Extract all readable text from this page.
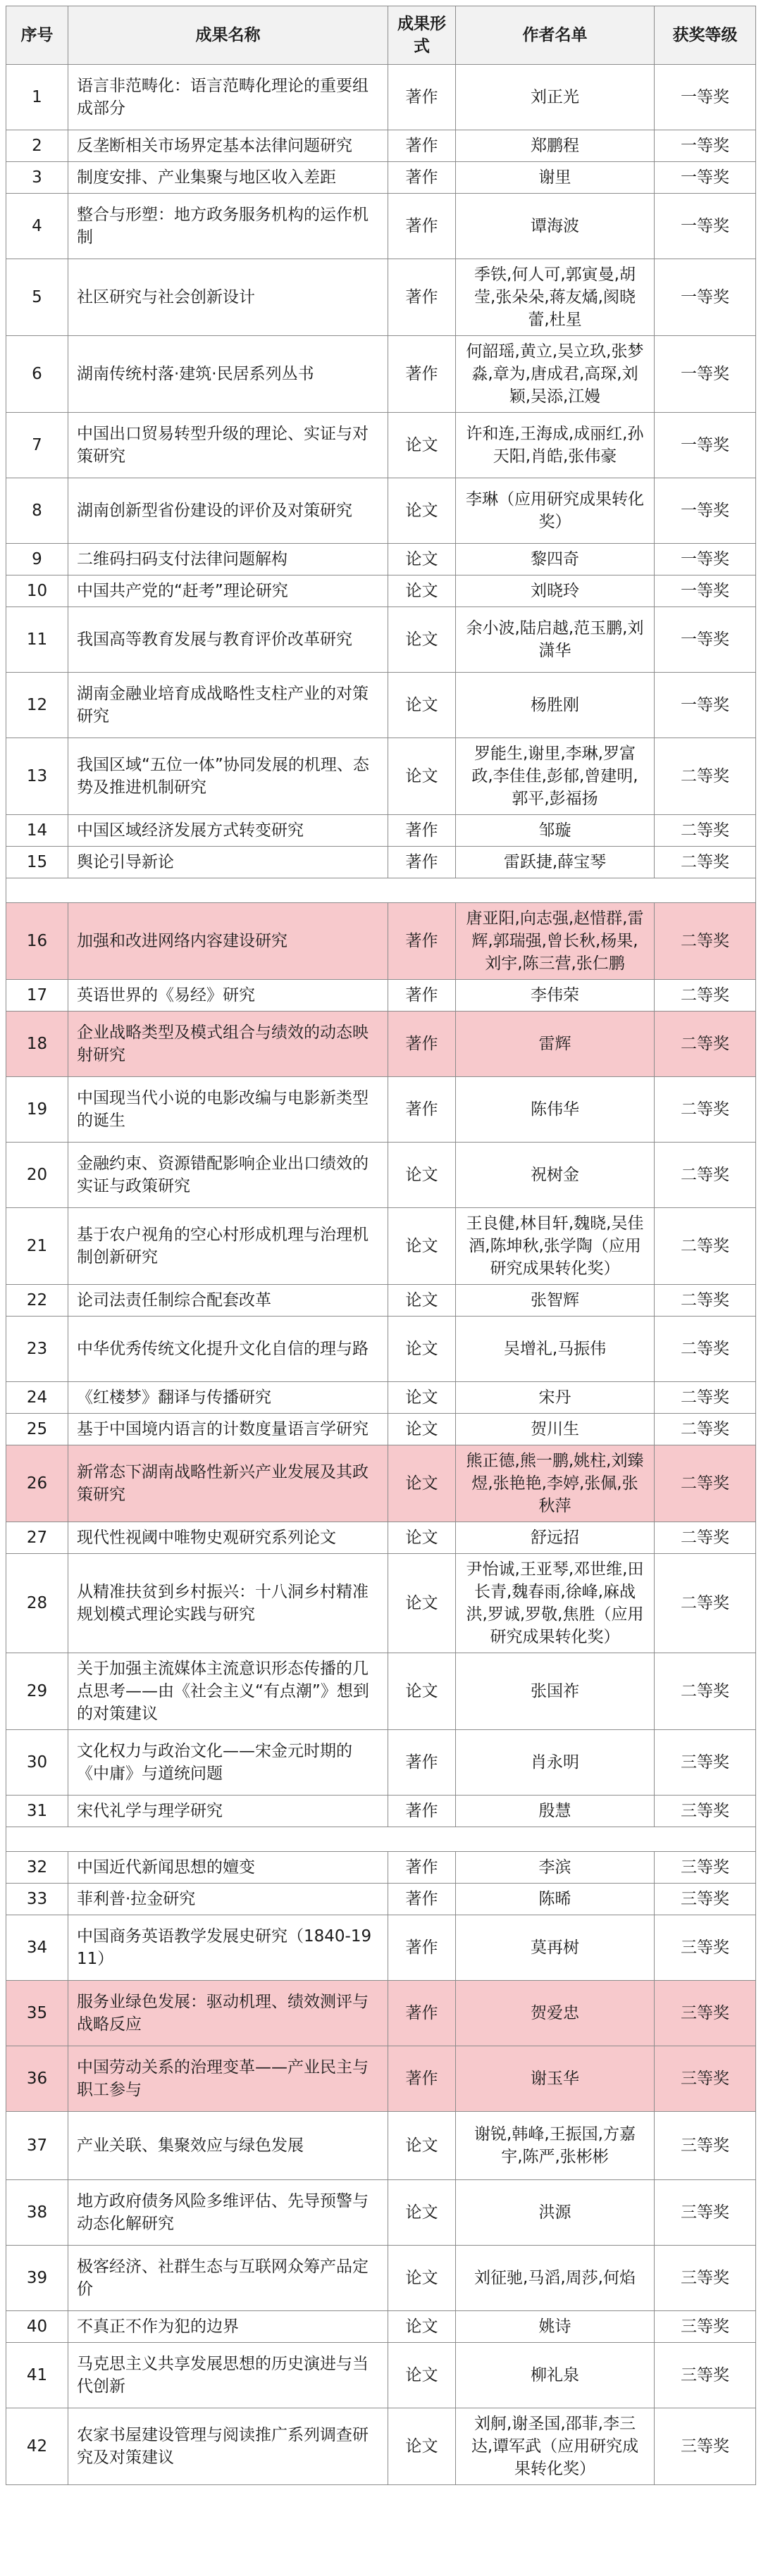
序号	成果名称	成果形式	作者名单	获奖等级
1	语言非范畴化：语言范畴化理论的重要组成部分	著作	刘正光	一等奖
2	反垄断相关市场界定基本法律问题研究	著作	郑鹏程	一等奖
3	制度安排、产业集聚与地区收入差距	著作	谢里	一等奖
4	整合与形塑：地方政务服务机构的运作机制	著作	谭海波	一等奖
5	社区研究与社会创新设计	著作	季铁,何人可,郭寅曼,胡莹,张朵朵,蒋友燏,阂晓蕾,杜星	一等奖
6	湖南传统村落·建筑·民居系列丛书	著作	何韶瑶,黄立,吴立玖,张梦淼,章为,唐成君,高琛,刘颖,吴添,江嫚	一等奖
7	中国出口贸易转型升级的理论、实证与对策研究	论文	许和连,王海成,成丽红,孙天阳,肖皓,张伟豪	一等奖
8	湖南创新型省份建设的评价及对策研究	论文	李琳（应用研究成果转化奖）	一等奖
9	二维码扫码支付法律问题解构	论文	黎四奇	一等奖
10	中国共产党的“赶考”理论研究	论文	刘晓玲	一等奖
11	我国高等教育发展与教育评价改革研究	论文	余小波,陆启越,范玉鹏,刘潇华	一等奖
12	湖南金融业培育成战略性支柱产业的对策研究	论文	杨胜刚	一等奖
13	我国区域“五位一体”协同发展的机理、态势及推进机制研究	论文	罗能生,谢里,李琳,罗富政,李佳佳,彭郁,曾建明,郭平,彭福扬	二等奖
14	中国区域经济发展方式转变研究	著作	邹璇	二等奖
15	舆论引导新论	著作	雷跃捷,薛宝琴	二等奖

16	加强和改进网络内容建设研究	著作	唐亚阳,向志强,赵惜群,雷辉,郭瑞强,曾长秋,杨果,刘宇,陈三营,张仁鹏	二等奖
17	英语世界的《易经》研究	著作	李伟荣	二等奖
18	企业战略类型及模式组合与绩效的动态映射研究	著作	雷辉	二等奖
19	中国现当代小说的电影改编与电影新类型的诞生	著作	陈伟华	二等奖
20	金融约束、资源错配影响企业出口绩效的实证与政策研究	论文	祝树金	二等奖
21	基于农户视角的空心村形成机理与治理机制创新研究	论文	王良健,林目轩,魏晓,吴佳酒,陈坤秋,张学陶（应用研究成果转化奖）	二等奖
22	论司法责任制综合配套改革	论文	张智辉	二等奖
23	中华优秀传统文化提升文化自信的理与路	论文	吴增礼,马振伟	二等奖
24	《红楼梦》翻译与传播研究	论文	宋丹	二等奖
25	基于中国境内语言的计数度量语言学研究	论文	贺川生	二等奖
26	新常态下湖南战略性新兴产业发展及其政策研究	论文	熊正德,熊一鹏,姚柱,刘臻煜,张艳艳,李婷,张佩,张秋萍	二等奖
27	现代性视阈中唯物史观研究系列论文	论文	舒远招	二等奖
28	从精准扶贫到乡村振兴：十八洞乡村精准规划模式理论实践与研究	论文	尹怡诚,王亚琴,邓世维,田长青,魏春雨,徐峰,麻战洪,罗诚,罗敬,焦胜（应用研究成果转化奖）	二等奖
29	关于加强主流媒体主流意识形态传播的几点思考——由《社会主义“有点潮”》想到的对策建议	论文	张国祚	二等奖
30	文化权力与政治文化——宋金元时期的《中庸》与道统问题	著作	肖永明	三等奖
31	宋代礼学与理学研究	著作	殷慧	三等奖

32	中国近代新闻思想的嬗变	著作	李滨	三等奖
33	菲利普·拉金研究	著作	陈晞	三等奖
34	中国商务英语教学发展史研究（1840-1911）	著作	莫再树	三等奖
35	服务业绿色发展：驱动机理、绩效测评与战略反应	著作	贺爱忠	三等奖
36	中国劳动关系的治理变革——产业民主与职工参与	著作	谢玉华	三等奖
37	产业关联、集聚效应与绿色发展	论文	谢锐,韩峰,王振国,方嘉宇,陈严,张彬彬	三等奖
38	地方政府债务风险多维评估、先导预警与动态化解研究	论文	洪源	三等奖
39	极客经济、社群生态与互联网众筹产品定价	论文	刘征驰,马滔,周莎,何焰	三等奖
40	不真正不作为犯的边界	论文	姚诗	三等奖
41	马克思主义共享发展思想的历史演进与当代创新	论文	柳礼泉	三等奖
42	农家书屋建设管理与阅读推广系列调查研究及对策建议	论文	刘舸,谢圣国,邵菲,李三达,谭军武（应用研究成果转化奖）	三等奖
